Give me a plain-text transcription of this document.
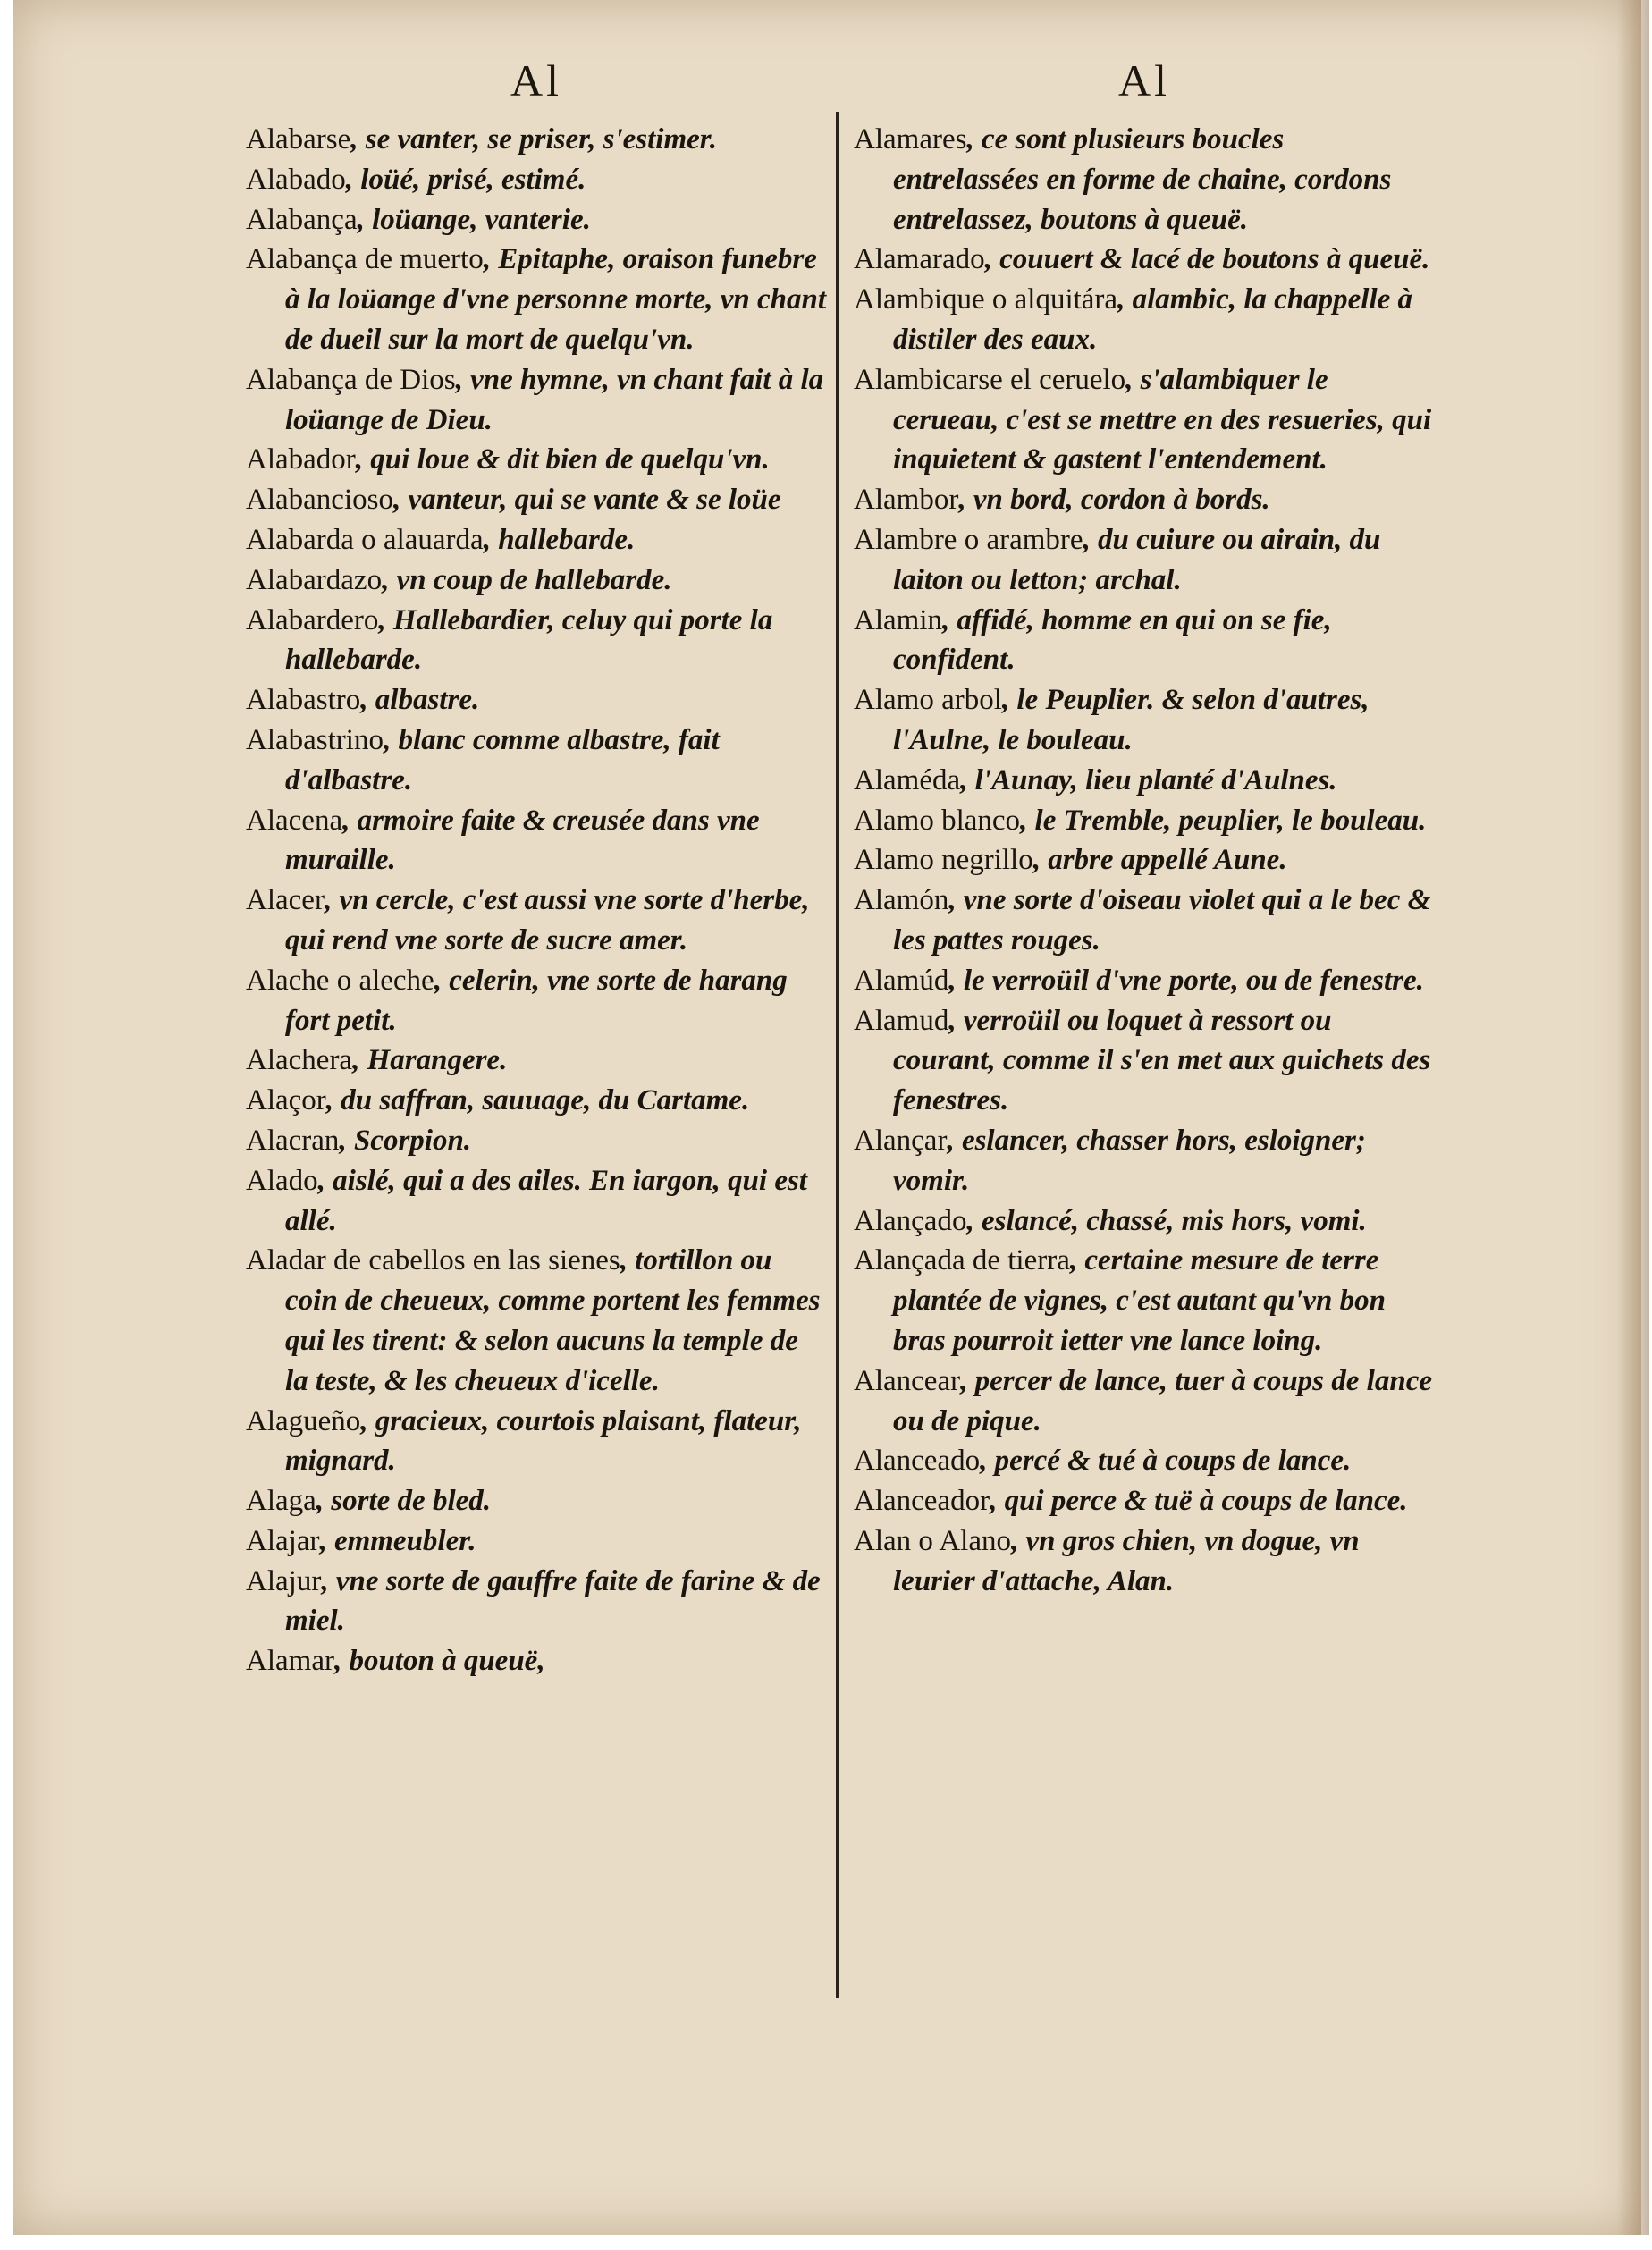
Al

Alabarse, se vanter, se priser, s'estimer.

Alabado, loüé, prisé, estimé.

Alabança, loüange, vanterie.

Alabança de muerto, Epitaphe, oraison funebre à la loüange d'vne personne morte, vn chant de dueil sur la mort de quelqu'vn.

Alabança de Dios, vne hymne, vn chant fait à la loüange de Dieu.

Alabador, qui loue & dit bien de quelqu'vn.

Alabancioso, vanteur, qui se vante & se loüe

Alabarda o alauarda, hallebarde.

Alabardazo, vn coup de hallebarde.

Alabardero, Hallebardier, celuy qui porte la hallebarde.

Alabastro, albastre.

Alabastrino, blanc comme albastre, fait d'albastre.

Alacena, armoire faite & creusée dans vne muraille.

Alacer, vn cercle, c'est aussi vne sorte d'herbe, qui rend vne sorte de sucre amer.

Alache o aleche, celerin, vne sorte de harang fort petit.

Alachera, Harangere.

Alaçor, du saffran, sauuage, du Cartame.

Alacran, Scorpion.

Alado, aislé, qui a des ailes. En iargon, qui est allé.

Aladar de cabellos en las sienes, tortillon ou coin de cheueux, comme portent les femmes qui les tirent: & selon aucuns la temple de la teste, & les cheueux d'icelle.

Alagueño, gracieux, courtois plaisant, flateur, mignard.

Alaga, sorte de bled.

Alajar, emmeubler.

Alajur, vne sorte de gauffre faite de farine & de miel.

Alamar, bouton à queuë,

Al

Alamares, ce sont plusieurs boucles entrelassées en forme de chaine, cordons entrelassez, boutons à queuë.

Alamarado, couuert & lacé de boutons à queuë.

Alambique o alquitára, alambic, la chappelle à distiler des eaux.

Alambicarse el ceruelo, s'alambiquer le cerueau, c'est se mettre en des resueries, qui inquietent & gastent l'entendement.

Alambor, vn bord, cordon à bords.

Alambre o arambre, du cuiure ou airain, du laiton ou letton; archal.

Alamin, affidé, homme en qui on se fie, confident.

Alamo arbol, le Peuplier. & selon d'autres, l'Aulne, le bouleau.

Alaméda, l'Aunay, lieu planté d'Aulnes.

Alamo blanco, le Tremble, peuplier, le bouleau.

Alamo negrillo, arbre appellé Aune.

Alamón, vne sorte d'oiseau violet qui a le bec & les pattes rouges.

Alamúd, le verroüil d'vne porte, ou de fenestre.

Alamud, verroüil ou loquet à ressort ou courant, comme il s'en met aux guichets des fenestres.

Alançar, eslancer, chasser hors, esloigner; vomir.

Alançado, eslancé, chassé, mis hors, vomi.

Alançada de tierra, certaine mesure de terre plantée de vignes, c'est autant qu'vn bon bras pourroit ietter vne lance loing.

Alancear, percer de lance, tuer à coups de lance ou de pique.

Alanceado, percé & tué à coups de lance.

Alanceador, qui perce & tuë à coups de lance.

Alan o Alano, vn gros chien, vn dogue, vn leurier d'attache, Alan.
